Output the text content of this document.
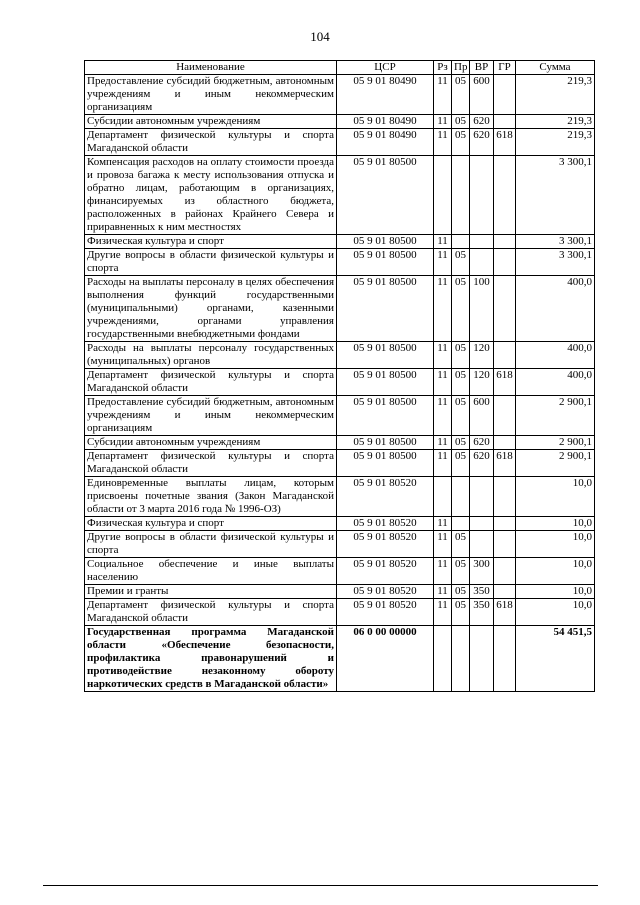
104
Наименование	ЦСР	Рз	Пр	ВР	ГР	Сумма
Предоставление субсидий бюджетным, автономным учреждениям и иным некоммерческим организациям	05 9 01 80490	11	05	600		219,3
Субсидии автономным учреждениям	05 9 01 80490	11	05	620		219,3
Департамент физической культуры и спорта Магаданской области	05 9 01 80490	11	05	620	618	219,3
Компенсация расходов на оплату стоимости проезда и провоза багажа к месту использования отпуска и обратно лицам, работающим в организациях, финансируемых из областного бюджета, расположенных в районах Крайнего Севера и приравненных к ним местностях	05 9 01 80500					3 300,1
Физическая культура и спорт	05 9 01 80500	11				3 300,1
Другие вопросы в области физической культуры и спорта	05 9 01 80500	11	05			3 300,1
Расходы на выплаты персоналу в целях обеспечения выполнения функций государственными (муниципальными) органами, казенными учреждениями, органами управления государственными внебюджетными фондами	05 9 01 80500	11	05	100		400,0
Расходы на выплаты персоналу государственных (муниципальных) органов	05 9 01 80500	11	05	120		400,0
Департамент физической культуры и спорта Магаданской области	05 9 01 80500	11	05	120	618	400,0
Предоставление субсидий бюджетным, автономным учреждениям и иным некоммерческим организациям	05 9 01 80500	11	05	600		2 900,1
Субсидии автономным учреждениям	05 9 01 80500	11	05	620		2 900,1
Департамент физической культуры и спорта Магаданской области	05 9 01 80500	11	05	620	618	2 900,1
Единовременные выплаты лицам, которым присвоены почетные звания (Закон Магаданской области от 3 марта 2016 года № 1996-ОЗ)	05 9 01 80520					10,0
Физическая культура и спорт	05 9 01 80520	11				10,0
Другие вопросы в области физической культуры и спорта	05 9 01 80520	11	05			10,0
Социальное обеспечение и иные выплаты населению	05 9 01 80520	11	05	300		10,0
Премии и гранты	05 9 01 80520	11	05	350		10,0
Департамент физической культуры и спорта Магаданской области	05 9 01 80520	11	05	350	618	10,0
Государственная программа Магаданской области «Обеспечение безопасности, профилактика правонарушений и противодействие незаконному обороту наркотических средств в Магаданской области»	06 0 00 00000					54 451,5
